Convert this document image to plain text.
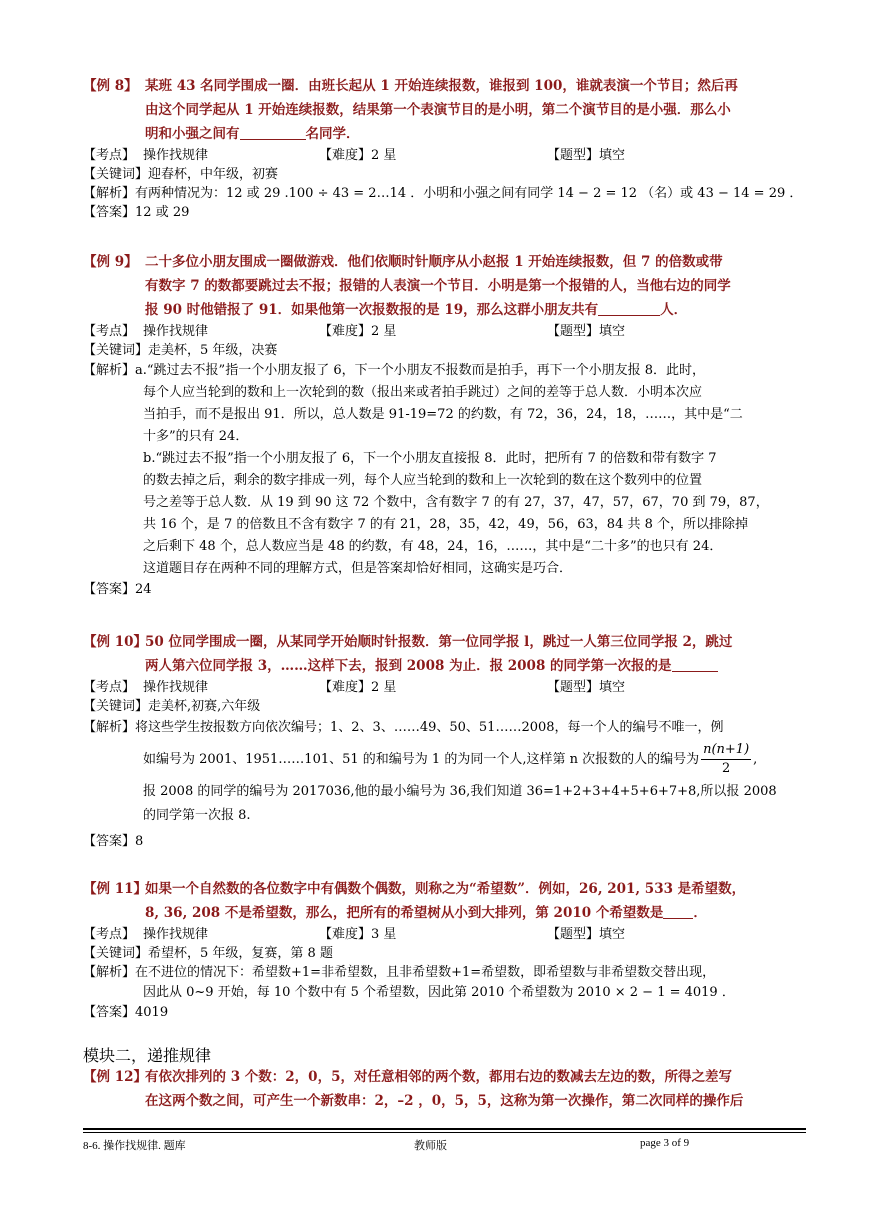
【例 8】 某班 43 名同学围成一圈．由班长起从 1 开始连续报数，谁报到 100，谁就表演一个节目；然后再
由这个同学起从 1 开始连续报数，结果第一个表演节目的是小明，第二个演节目的是小强．那么小
明和小强之间有	名同学．
【考点】 操作找规律	【难度】2 星	【题型】填空
【关键词】迎春杯，中年级，初赛
【解析】有两种情况为：12 或 29 .100 ÷ 43 = 2…14 ．小明和小强之间有同学 14 − 2 = 12 （名）或 43 − 14 = 29 ．
【答案】12 或 29
【例 9】 二十多位小朋友围成一圈做游戏．他们依顺时针顺序从小赵报 1 开始连续报数，但 7 的倍数或带
有数字 7 的数都要跳过去不报；报错的人表演一个节目．小明是第一个报错的人，当他右边的同学
报 90 时他错报了 91．如果他第一次报数报的是 19，那么这群小朋友共有	人．
【考点】 操作找规律	【难度】2 星	【题型】填空
【关键词】走美杯，5 年级，决赛
【解析】a.“跳过去不报”指一个小朋友报了 6，下一个小朋友不报数而是拍手，再下一个小朋友报 8．此时，
每个人应当轮到的数和上一次轮到的数（报出来或者拍手跳过）之间的差等于总人数．小明本次应
当拍手，而不是报出 91．所以，总人数是 91-19=72 的约数，有 72，36，24，18，……，其中是“二
十多”的只有 24．
b.“跳过去不报”指一个小朋友报了 6，下一个小朋友直接报 8．此时，把所有 7 的倍数和带有数字 7
的数去掉之后，剩余的数字排成一列，每个人应当轮到的数和上一次轮到的数在这个数列中的位置
号之差等于总人数．从 19 到 90 这 72 个数中，含有数字 7 的有 27，37，47，57，67，70 到 79，87，
共 16 个，是 7 的倍数且不含有数字 7 的有 21，28，35，42，49，56，63，84 共 8 个，所以排除掉
之后剩下 48 个，总人数应当是 48 的约数，有 48，24，16，……，其中是“二十多”的也只有 24．
这道题目存在两种不同的理解方式，但是答案却恰好相同，这确实是巧合．
【答案】24
【例 10】50 位同学围成一圈，从某同学开始顺时针报数．第一位同学报 l，跳过一人第三位同学报 2，跳过
两人第六位同学报 3，……这样下去，报到 2008 为止．报 2008 的同学第一次报的是
【考点】 操作找规律	【难度】2 星	【题型】填空
【关键词】走美杯,初赛,六年级
【解析】将这些学生按报数方向依次编号；1、2、3、……49、50、51……2008，每一个人的编号不唯一，例
如编号为 2001、1951……101、51 的和编号为 1 的为同一个人,这样第 n 次报数的人的编号为 $\frac{n(n+1)}{2}$ ,
报 2008 的同学的编号为 2017036,他的最小编号为 36,我们知道 36=1+2+3+4+5+6+7+8,所以报 2008
的同学第一次报 8.
【答案】8
【例 11】如果一个自然数的各位数字中有偶数个偶数，则称之为“希望数”．例如，26, 201, 533 是希望数，
8, 36, 208 不是希望数，那么，把所有的希望树从小到大排列，第 2010 个希望数是 ．
【考点】 操作找规律	【难度】3 星	【题型】填空
【关键词】希望杯，5 年级，复赛，第 8 题
【解析】在不进位的情况下：希望数+1=非希望数，且非希望数+1=希望数，即希望数与非希望数交替出现，
因此从 0~9 开始，每 10 个数中有 5 个希望数，因此第 2010 个希望数为 2010 × 2 − 1 = 4019 ．
【答案】4019
模块二，递推规律
【例 12】有依次排列的 3 个数：2，0，5，对任意相邻的两个数，都用右边的数减去左边的数，所得之差写
在这两个数之间，可产生一个新数串：2，–2 ，0，5，5，这称为第一次操作，第二次同样的操作后
8-6. 操作找规律. 题库	教师版	page 3 of 9
